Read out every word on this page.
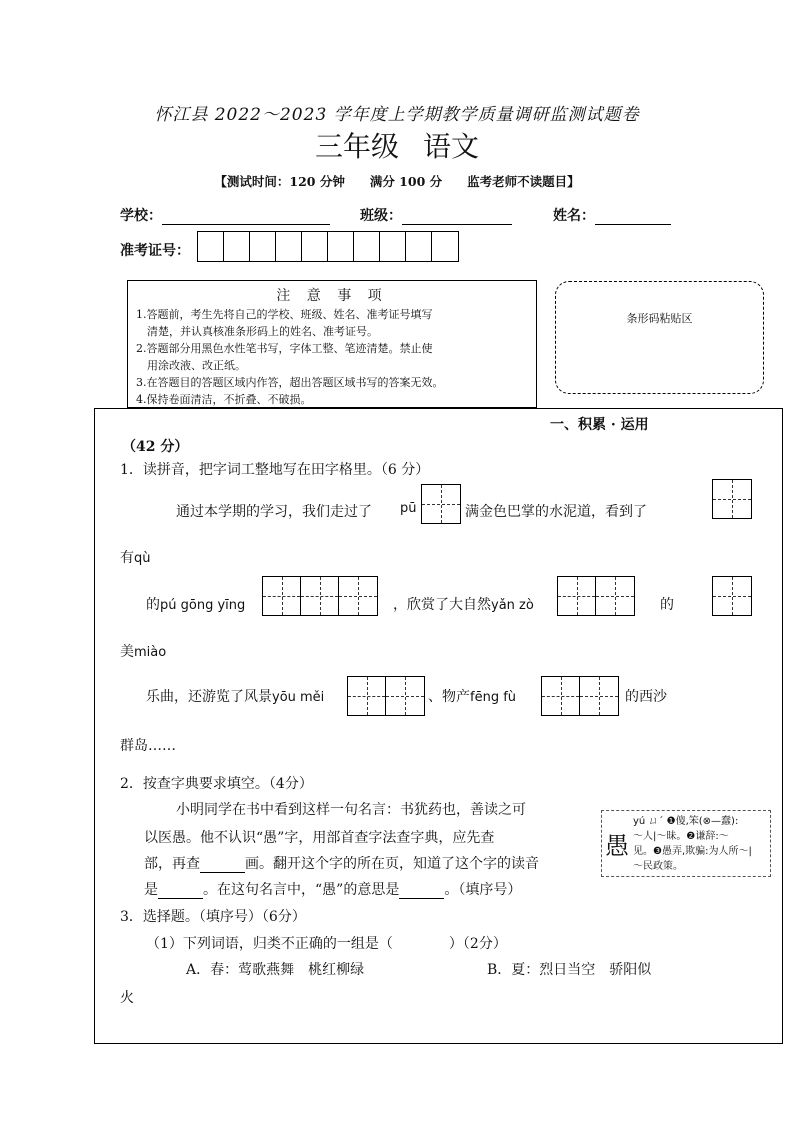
怀江县 2022～2023 学年度上学期教学质量调研监测试题卷
三年级 语文
【测试时间：120 分钟　　满分 100 分　　监考老师不读题目】
学校：	班级：	姓名：
准考证号：
注 意 事 项

1.答题前，考生先将自己的学校、班级、姓名、准考证号填写

　清楚，并认真核准条形码上的姓名、准考证号。

2.答题部分用黑色水性笔书写，字体工整、笔迹清楚。禁止使

　用涂改液、改正纸。

3.在答题目的答题区域内作答，超出答题区域书写的答案无效。

4.保持卷面清洁，不折叠、不破损。

条形码粘贴区
一、积累 · 运用
（42 分）
1．读拼音，把字词工整地写在田字格里。（6 分）
通过本学期的学习，我们走过了 pū	满金色巴掌的水泥道，看到了
有qù
的pú gōng yīng	，欣赏了大自然yǎn zò	的
美miào
乐曲，还游览了风景yōu měi	、物产fēng fù	的西沙
群岛……
2．按查字典要求填空。（4分）
小明同学在书中看到这样一句名言：书犹药也，善读之可
以医愚。他不认识“愚”字，用部首查字法查字典，应先查
部，再查	画。翻开这个字的所在页，知道了这个字的读音
是	。在这句名言中，“愚”的意思是	。（填序号）
愚
yú ㄩˊ ❶傻,笨(⊗—蠢):
～人|～昧。❷谦辞:～
见。❸愚弄,欺骗:为人所～|
～民政策。
3．选择题。（填序号）（6分）
（1）下列词语，归类不正确的一组是（　　　　）（2分）
A．春：莺歌燕舞　桃红柳绿	B．夏：烈日当空　骄阳似
火
